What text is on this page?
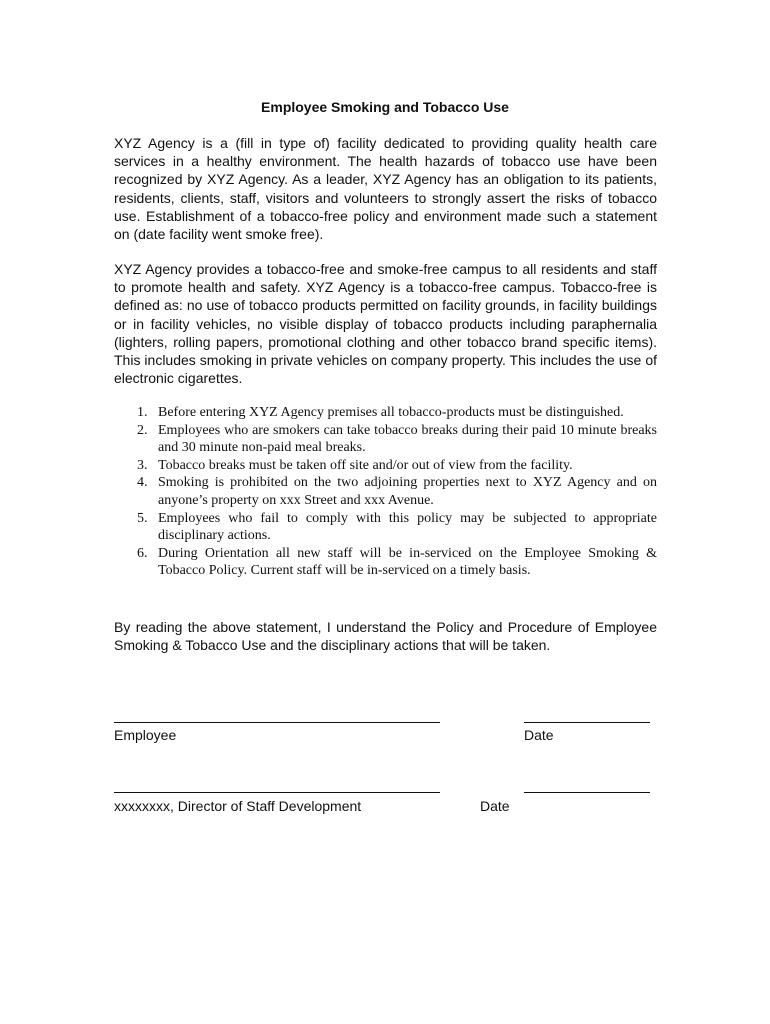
Employee Smoking and Tobacco Use
XYZ Agency is a (fill in type of) facility dedicated to providing quality health care services in a healthy environment. The health hazards of tobacco use have been recognized by XYZ Agency. As a leader, XYZ Agency has an obligation to its patients, residents, clients, staff, visitors and volunteers to strongly assert the risks of tobacco use. Establishment of a tobacco-free policy and environment made such a statement on (date facility went smoke free).
XYZ Agency provides a tobacco-free and smoke-free campus to all residents and staff to promote health and safety. XYZ Agency is a tobacco-free campus. Tobacco-free is defined as: no use of tobacco products permitted on facility grounds, in facility buildings or in facility vehicles, no visible display of tobacco products including paraphernalia (lighters, rolling papers, promotional clothing and other tobacco brand specific items). This includes smoking in private vehicles on company property. This includes the use of electronic cigarettes.
1. Before entering XYZ Agency premises all tobacco-products must be distinguished.
2. Employees who are smokers can take tobacco breaks during their paid 10 minute breaks and 30 minute non-paid meal breaks.
3. Tobacco breaks must be taken off site and/or out of view from the facility.
4. Smoking is prohibited on the two adjoining properties next to XYZ Agency and on anyone’s property on xxx Street and xxx Avenue.
5. Employees who fail to comply with this policy may be subjected to appropriate disciplinary actions.
6. During Orientation all new staff will be in-serviced on the Employee Smoking & Tobacco Policy. Current staff will be in-serviced on a timely basis.
By reading the above statement, I understand the Policy and Procedure of Employee Smoking & Tobacco Use and the disciplinary actions that will be taken.
Employee	Date
xxxxxxxx, Director of Staff Development	Date
